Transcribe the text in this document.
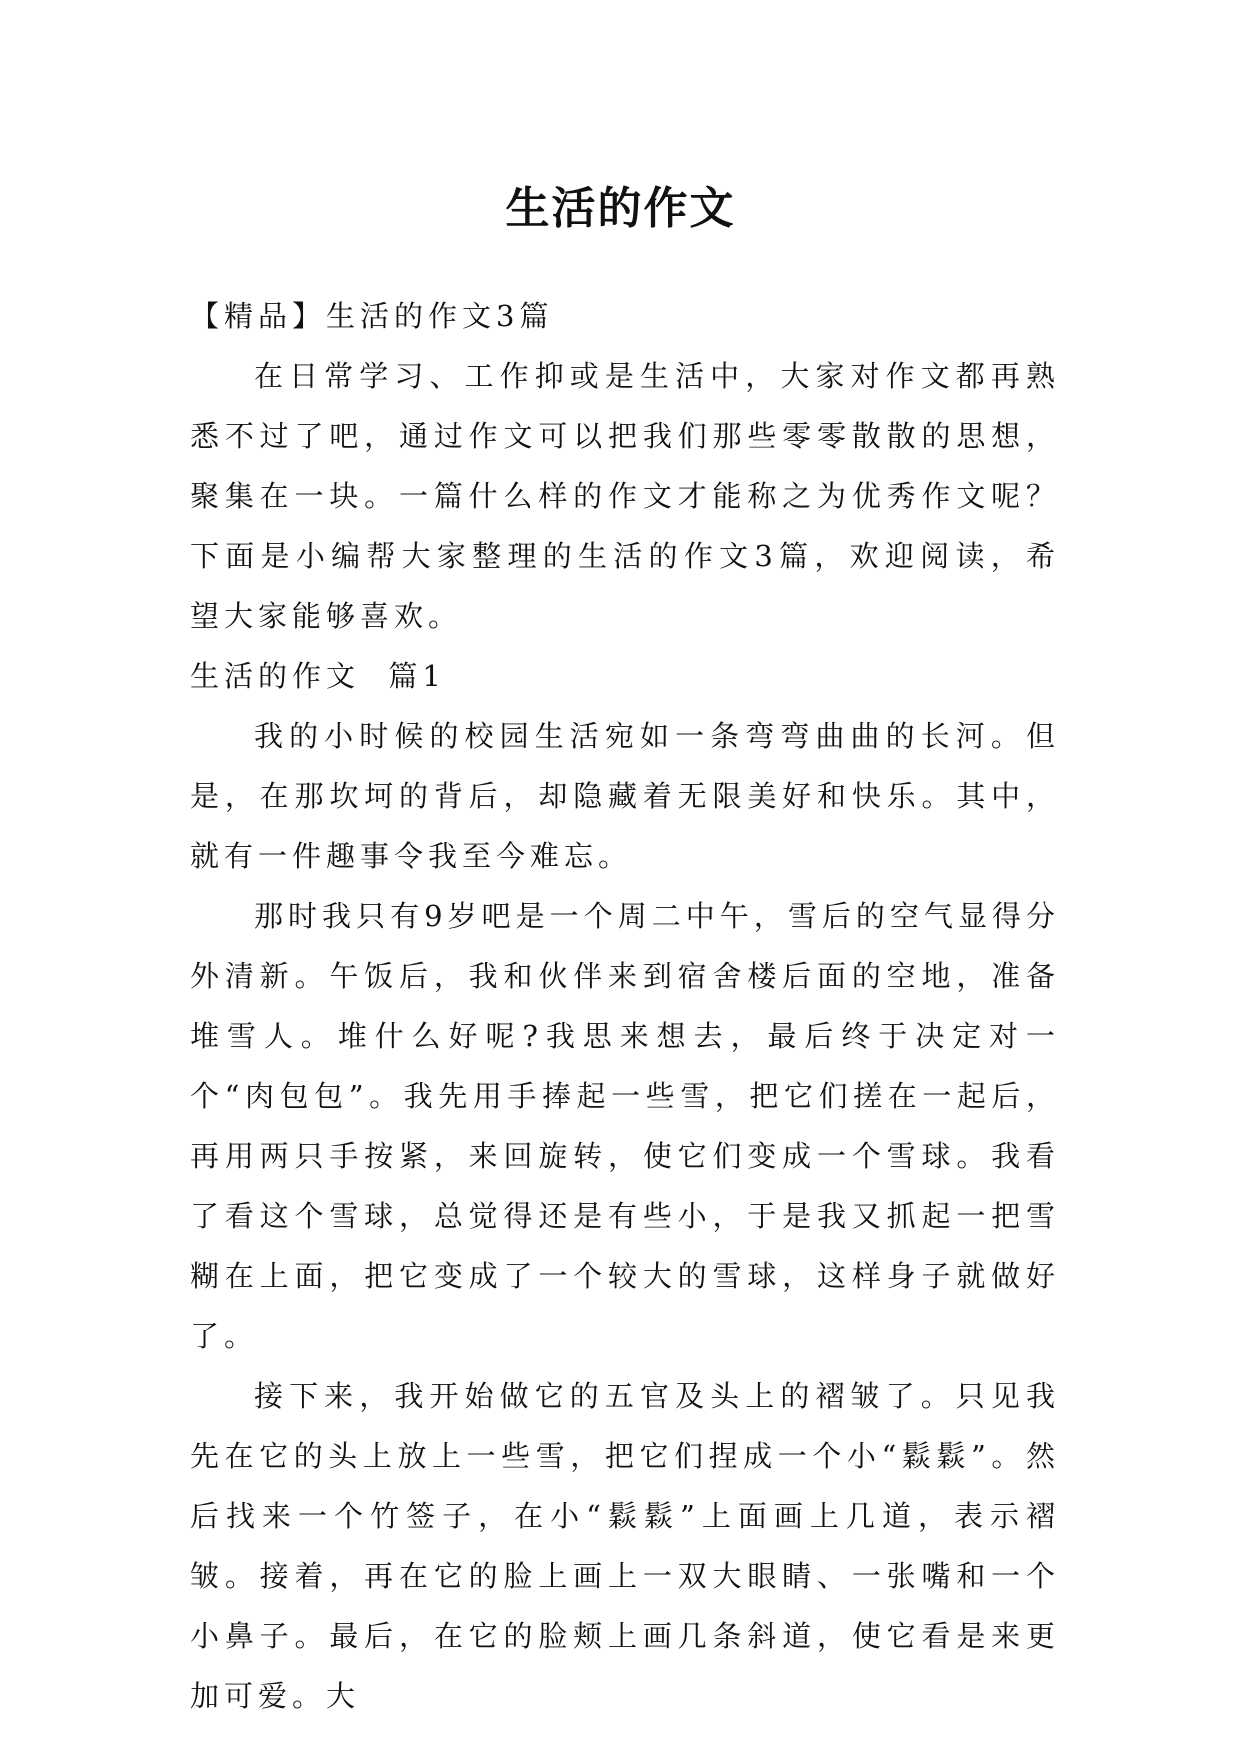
生活的作文

【精品】生活的作文3篇

在日常学习、工作抑或是生活中，大家对作文都再熟悉不过了吧，通过作文可以把我们那些零零散散的思想，聚集在一块。一篇什么样的作文才能称之为优秀作文呢？下面是小编帮大家整理的生活的作文3篇，欢迎阅读，希望大家能够喜欢。

生活的作文  篇1

我的小时候的校园生活宛如一条弯弯曲曲的长河。但是，在那坎坷的背后，却隐藏着无限美好和快乐。其中，就有一件趣事令我至今难忘。

那时我只有9岁吧是一个周二中午，雪后的空气显得分外清新。午饭后，我和伙伴来到宿舍楼后面的空地，准备堆雪人。堆什么好呢?我思来想去，最后终于决定对一个“肉包包”。我先用手捧起一些雪，把它们搓在一起后，再用两只手按紧，来回旋转，使它们变成一个雪球。我看了看这个雪球，总觉得还是有些小，于是我又抓起一把雪糊在上面，把它变成了一个较大的雪球，这样身子就做好了。

接下来，我开始做它的五官及头上的褶皱了。只见我先在它的头上放上一些雪，把它们捏成一个小“鬏鬏”。然后找来一个竹签子，在小“鬏鬏”上面画上几道，表示褶皱。接着，再在它的脸上画上一双大眼睛、一张嘴和一个小鼻子。最后，在它的脸颊上画几条斜道，使它看是来更加可爱。大
